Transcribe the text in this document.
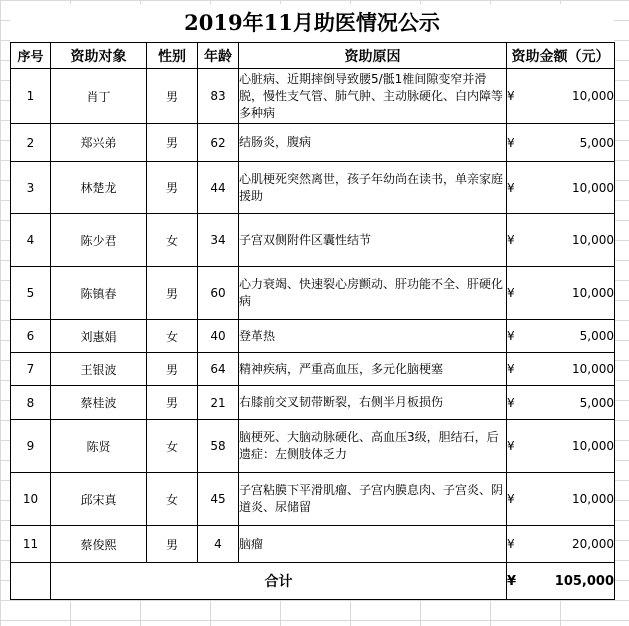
2019年11月助医情况公示
序号	资助对象	性别	年龄	资助原因	资助金额（元）
1	肖丁	男	83	心脏病、近期摔倒导致腰5/骶1椎间隙变窄并滑脱，慢性支气管、肺气肿、主动脉硬化、白内障等多种病	¥ 10,000

2	郑兴弟	男	62	结肠炎，腹病	¥ 5,000

3	林楚龙	男	44	心肌梗死突然离世，孩子年幼尚在读书，单亲家庭援助	¥ 10,000

4	陈少君	女	34	子宫双侧附件区囊性结节	¥ 10,000

5	陈镇春	男	60	心力衰竭、快速裂心房颤动、肝功能不全、肝硬化病	¥ 10,000

6	刘惠娟	女	40	登革热	¥ 5,000

7	王银波	男	64	精神疾病，严重高血压，多元化脑梗塞	¥ 10,000

8	蔡桂波	男	21	右膝前交叉韧带断裂，右侧半月板损伤	¥ 5,000

9	陈贤	女	58	脑梗死、大脑动脉硬化、高血压3级，胆结石，后遗症：左侧肢体乏力	¥ 10,000

10	邱宋真	女	45	子宫粘膜下平滑肌瘤、子宫内膜息肉、子宫炎、阴道炎、尿储留	¥ 10,000

11	蔡俊熙	男	4	脑瘤	¥ 20,000

	合计				¥ 105,000
